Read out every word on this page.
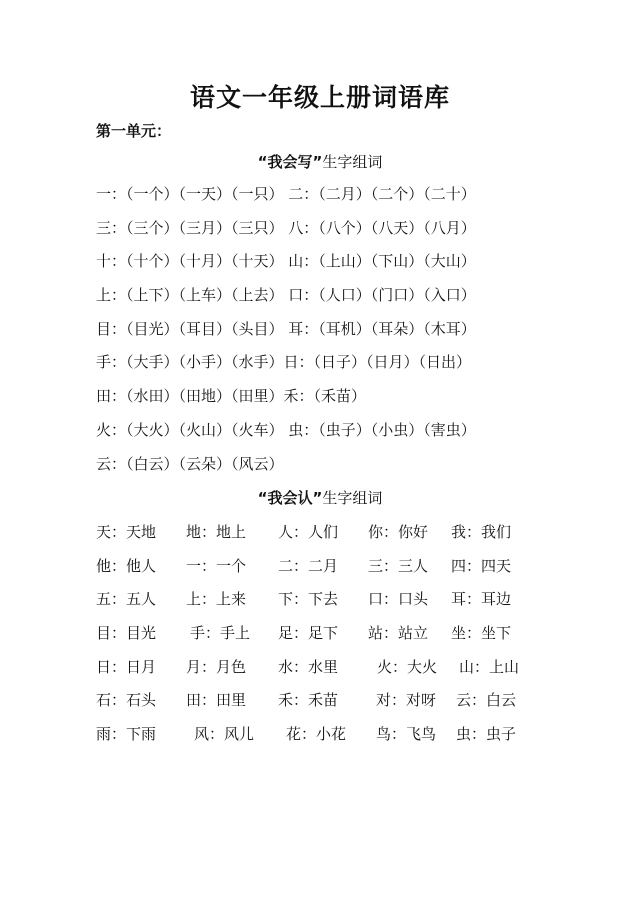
语文一年级上册词语库
第一单元：
“我会写”生字组词
一：（一个）（一天）（一只） 二：（二月）（二个）（二十）
三：（三个）（三月）（三只） 八：（八个）（八天）（八月）
十：（十个）（十月）（十天） 山：（上山）（下山）（大山）
上：（上下）（上车）（上去） 口：（人口）（门口）（入口）
目：（目光）（耳目）（头目） 耳：（耳机）（耳朵）（木耳）
手：（大手）（小手）（水手）日：（日子）（日月）（日出）
田：（水田）（田地）（田里）禾：（禾苗）
火：（大火）（火山）（火车） 虫：（虫子）（小虫）（害虫）
云：（白云）（云朵）（风云）
“我会认”生字组词
天：天地 地：地上 人：人们 你：你好 我：我们
他：他人 一：一个 二：二月 三：三人 四：四天
五：五人 上：上来 下：下去 口：口头 耳：耳边
目：目光 手：手上 足：足下 站：站立 坐：坐下
日：日月 月：月色 水：水里	火：大火 山：上山
石：石头 田：田里 禾：禾苗	对：对呀 云：白云
雨：下雨	风：风儿 花：小花 鸟：飞鸟 虫：虫子
